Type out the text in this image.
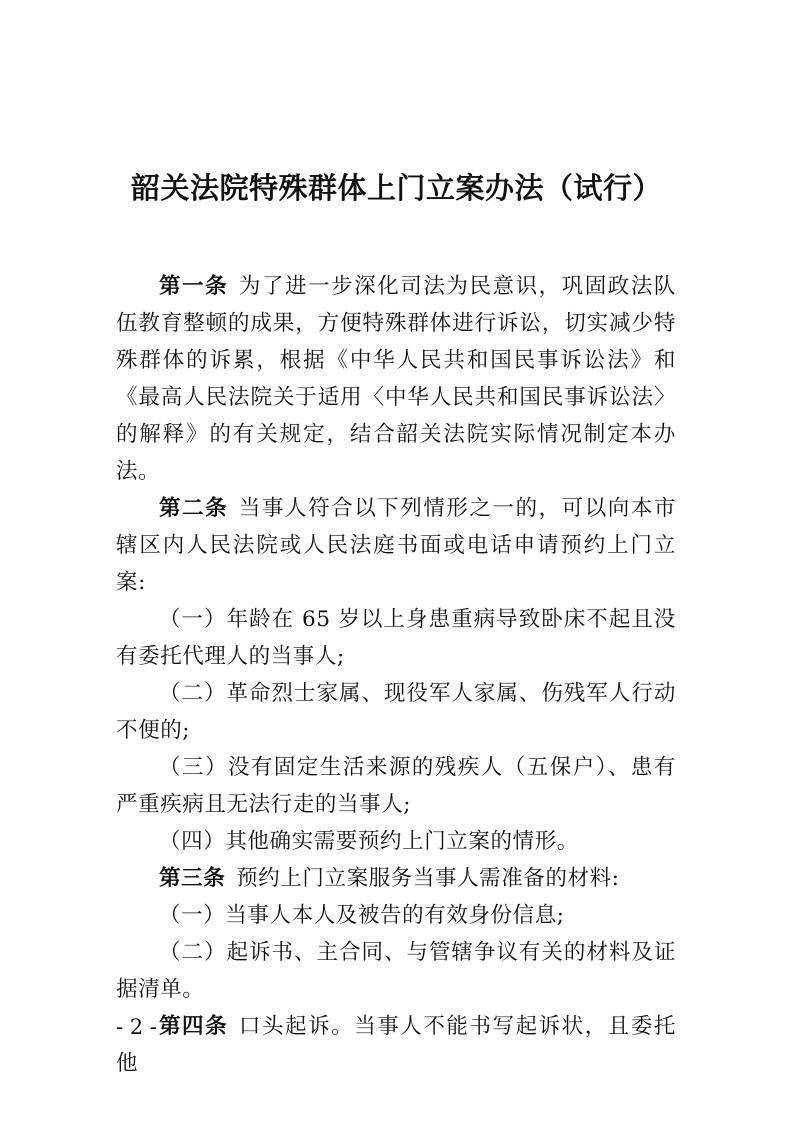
韶关法院特殊群体上门立案办法（试行）

第一条 为了进一步深化司法为民意识，巩固政法队伍教育整顿的成果，方便特殊群体进行诉讼，切实减少特殊群体的诉累，根据《中华人民共和国民事诉讼法》和《最高人民法院关于适用〈中华人民共和国民事诉讼法〉的解释》的有关规定，结合韶关法院实际情况制定本办法。

第二条 当事人符合以下列情形之一的，可以向本市辖区内人民法院或人民法庭书面或电话申请预约上门立案:

（一）年龄在 65 岁以上身患重病导致卧床不起且没有委托代理人的当事人;

（二）革命烈士家属、现役军人家属、伤残军人行动不便的;

（三）没有固定生活来源的残疾人（五保户）、患有严重疾病且无法行走的当事人;

（四）其他确实需要预约上门立案的情形。

第三条 预约上门立案服务当事人需准备的材料:

（一）当事人本人及被告的有效身份信息;

（二）起诉书、主合同、与管辖争议有关的材料及证据清单。

第四条 口头起诉。当事人不能书写起诉状，且委托他

- 2 -
